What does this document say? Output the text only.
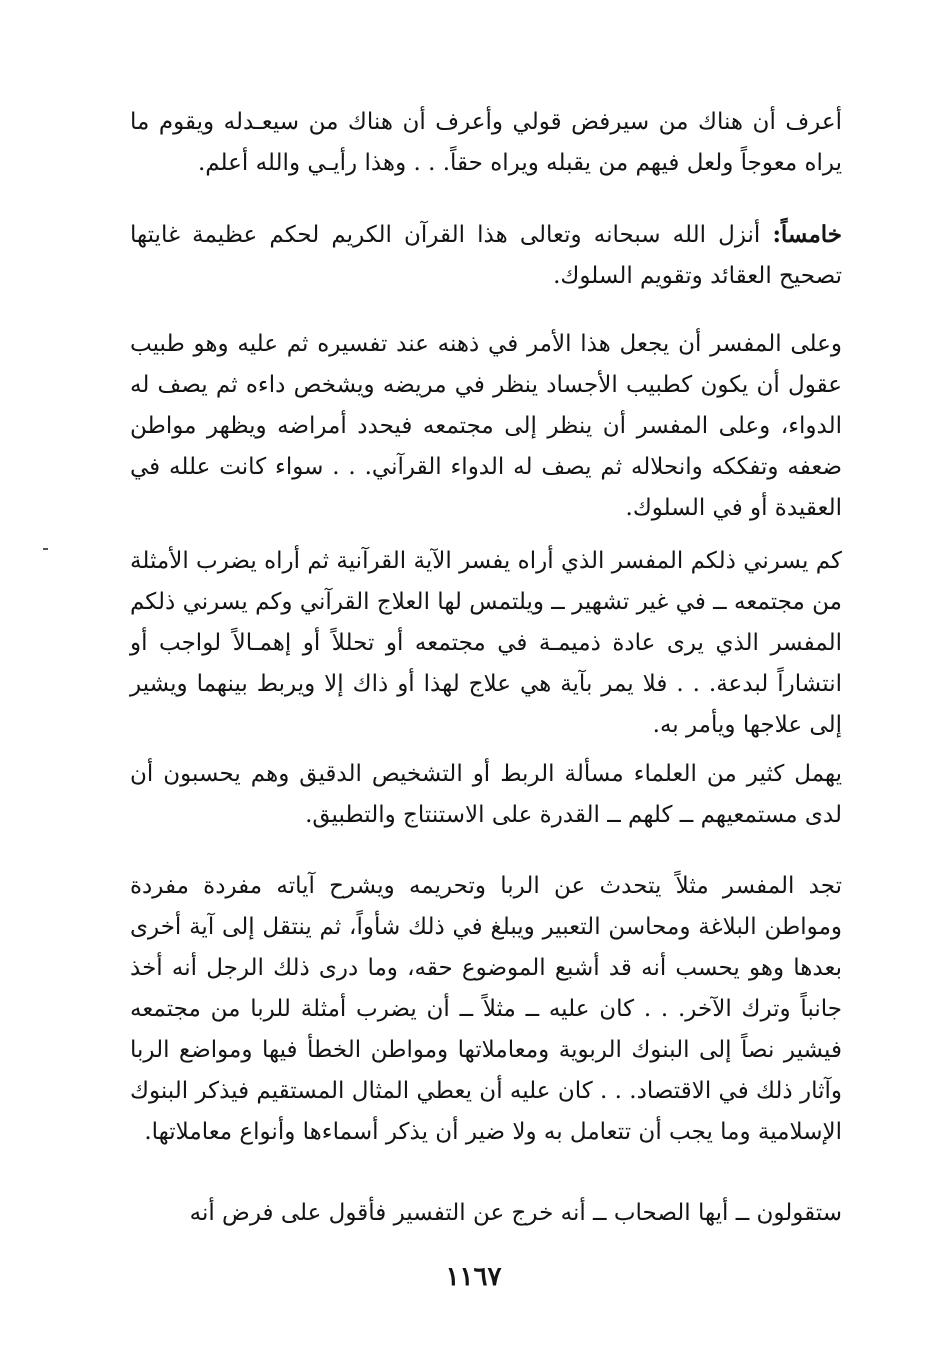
أعرف أن هناك من سيرفض قولي وأعرف أن هناك من سيعـدله ويقوم ما يراه معوجاً ولعل فيهم من يقبله ويراه حقاً. . . وهذا رأيـي والله أعلم.

خامساً: أنزل الله سبحانه وتعالى هذا القرآن الكريم لحكم عظيمة غايتها تصحيح العقائد وتقويم السلوك.

وعلى المفسر أن يجعل هذا الأمر في ذهنه عند تفسيره ثم عليه وهو طبيب عقول أن يكون كطبيب الأجساد ينظر في مريضه ويشخص داءه ثم يصف له الدواء، وعلى المفسر أن ينظر إلى مجتمعه فيحدد أمراضه ويظهر مواطن ضعفه وتفككه وانحلاله ثم يصف له الدواء القرآني. . . سواء كانت علله في العقيدة أو في السلوك.

كم يسرني ذلكم المفسر الذي أراه يفسر الآية القرآنية ثم أراه يضرب الأمثلة من مجتمعه ــ في غير تشهير ــ ويلتمس لها العلاج القرآني وكم يسرني ذلكم المفسر الذي يرى عادة ذميمـة في مجتمعه أو تحللاً أو إهمـالاً لواجب أو انتشاراً لبدعة. . . فلا يمر بآية هي علاج لهذا أو ذاك إلا ويربط بينهما ويشير إلى علاجها ويأمر به.

يهمل كثير من العلماء مسألة الربط أو التشخيص الدقيق وهم يحسبون أن لدى مستمعيهم ــ كلهم ــ القدرة على الاستنتاج والتطبيق.

تجد المفسر مثلاً يتحدث عن الربا وتحريمه ويشرح آياته مفردة مفردة ومواطن البلاغة ومحاسن التعبير ويبلغ في ذلك شأواً، ثم ينتقل إلى آية أخرى بعدها وهو يحسب أنه قد أشبع الموضوع حقه، وما درى ذلك الرجل أنه أخذ جانباً وترك الآخر. . . كان عليه ــ مثلاً ــ أن يضرب أمثلة للربا من مجتمعه فيشير نصاً إلى البنوك الربوية ومعاملاتها ومواطن الخطأ فيها ومواضع الربا وآثار ذلك في الاقتصاد. . . كان عليه أن يعطي المثال المستقيم فيذكر البنوك الإسلامية وما يجب أن تتعامل به ولا ضير أن يذكر أسماءها وأنواع معاملاتها.

ستقولون ــ أيها الصحاب ــ أنه خرج عن التفسير فأقول على فرض أنه

١١٦٧
